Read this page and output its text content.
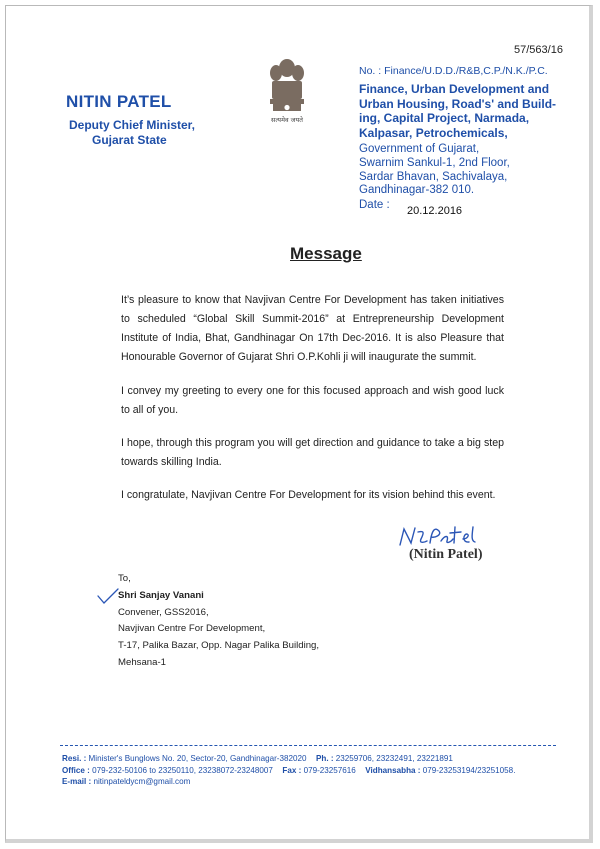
57/563/16
NITIN PATEL
Deputy Chief Minister,
Gujarat State
सत्यमेव जयते
No. : Finance/U.D.D./R&B,C.P./N.K./P.C.
Finance, Urban Development and
Urban Housing, Road's' and Build-
ing, Capital Project, Narmada,
Kalpasar, Petrochemicals,
Government of Gujarat,
Swarnim Sankul-1, 2nd Floor,
Sardar Bhavan, Sachivalaya,
Gandhinagar-382 010.
Date : 20.12.2016
Message
It’s pleasure to know that Navjivan Centre For Development has taken initiatives to scheduled “Global Skill Summit-2016” at Entrepreneurship Development Institute of India, Bhat, Gandhinagar On 17th Dec-2016. It is also Pleasure that Honourable Governor of Gujarat Shri O.P.Kohli ji will inaugurate the summit.
I convey my greeting to every one for this focused approach and wish good luck to all of you.
I hope, through this program you will get direction and guidance to take a big step towards skilling India.
I congratulate, Navjivan Centre For Development for its vision behind this event.
(Nitin Patel)
To,
Shri Sanjay Vanani
Convener, GSS2016,
Navjivan Centre For Development,
T-17, Palika Bazar, Opp. Nagar Palika Building,
Mehsana-1
Resi. : Minister's Bunglows No. 20, Sector-20, Gandhinagar-382020 Ph. : 23259706, 23232491, 23221891
Office : 079-232-50106 to 23250110, 23238072-23248007 Fax : 079-23257616 Vidhansabha : 079-23253194/23251058.
E-mail : nitinpateldycm@gmail.com
